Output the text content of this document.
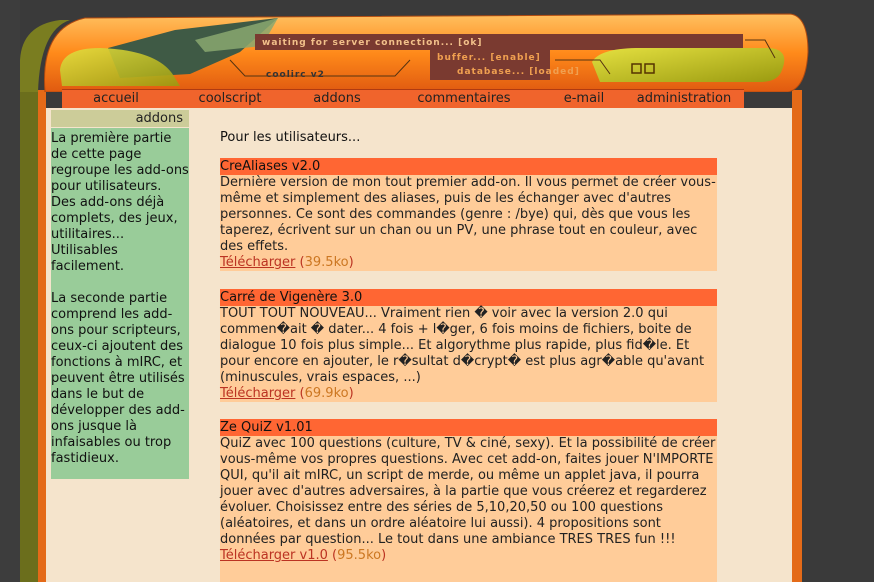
waiting for server connection... [ok]
buffer... [enable]
database... [loaded]
coolirc v2
accueil	coolscript	addons	commentaires	e-mail	administration
addons

La première partie de cette page regroupe les add-ons pour utilisateurs. Des add-ons déjà complets, des jeux, utilitaires... Utilisables facilement.

La seconde partie comprend les add-ons pour scripteurs, ceux-ci ajoutent des fonctions à mIRC, et peuvent être utilisés dans le but de développer des add-ons jusque là infaisables ou trop fastidieux.

Pour les utilisateurs...
CreAliases v2.0
Dernière version de mon tout premier add-on. Il vous permet de créer vous-même et simplement des aliases, puis de les échanger avec d'autres personnes. Ce sont des commandes (genre : /bye) qui, dès que vous les taperez, écrivent sur un chan ou un PV, une phrase tout en couleur, avec des effets.
Télécharger (39.5ko)
Carré de Vigenère 3.0
TOUT TOUT NOUVEAU... Vraiment rien � voir avec la version 2.0 qui commen�ait � dater... 4 fois + l�ger, 6 fois moins de fichiers, boite de dialogue 10 fois plus simple... Et algorythme plus rapide, plus fid�le. Et pour encore en ajouter, le r�sultat d�crypt� est plus agr�able qu'avant (minuscules, vrais espaces, ...)
Télécharger (69.9ko)
Ze QuiZ v1.01
QuiZ avec 100 questions (culture, TV & ciné, sexy). Et la possibilité de créer vous-même vos propres questions. Avec cet add-on, faites jouer N'IMPORTE QUI, qu'il ait mIRC, un script de merde, ou même un applet java, il pourra jouer avec d'autres adversaires, à la partie que vous créerez et regarderez évoluer. Choisissez entre des séries de 5,10,20,50 ou 100 questions (aléatoires, et dans un ordre aléatoire lui aussi). 4 propositions sont données par question... Le tout dans une ambiance TRES TRES fun !!!
Télécharger v1.0 (95.5ko)
